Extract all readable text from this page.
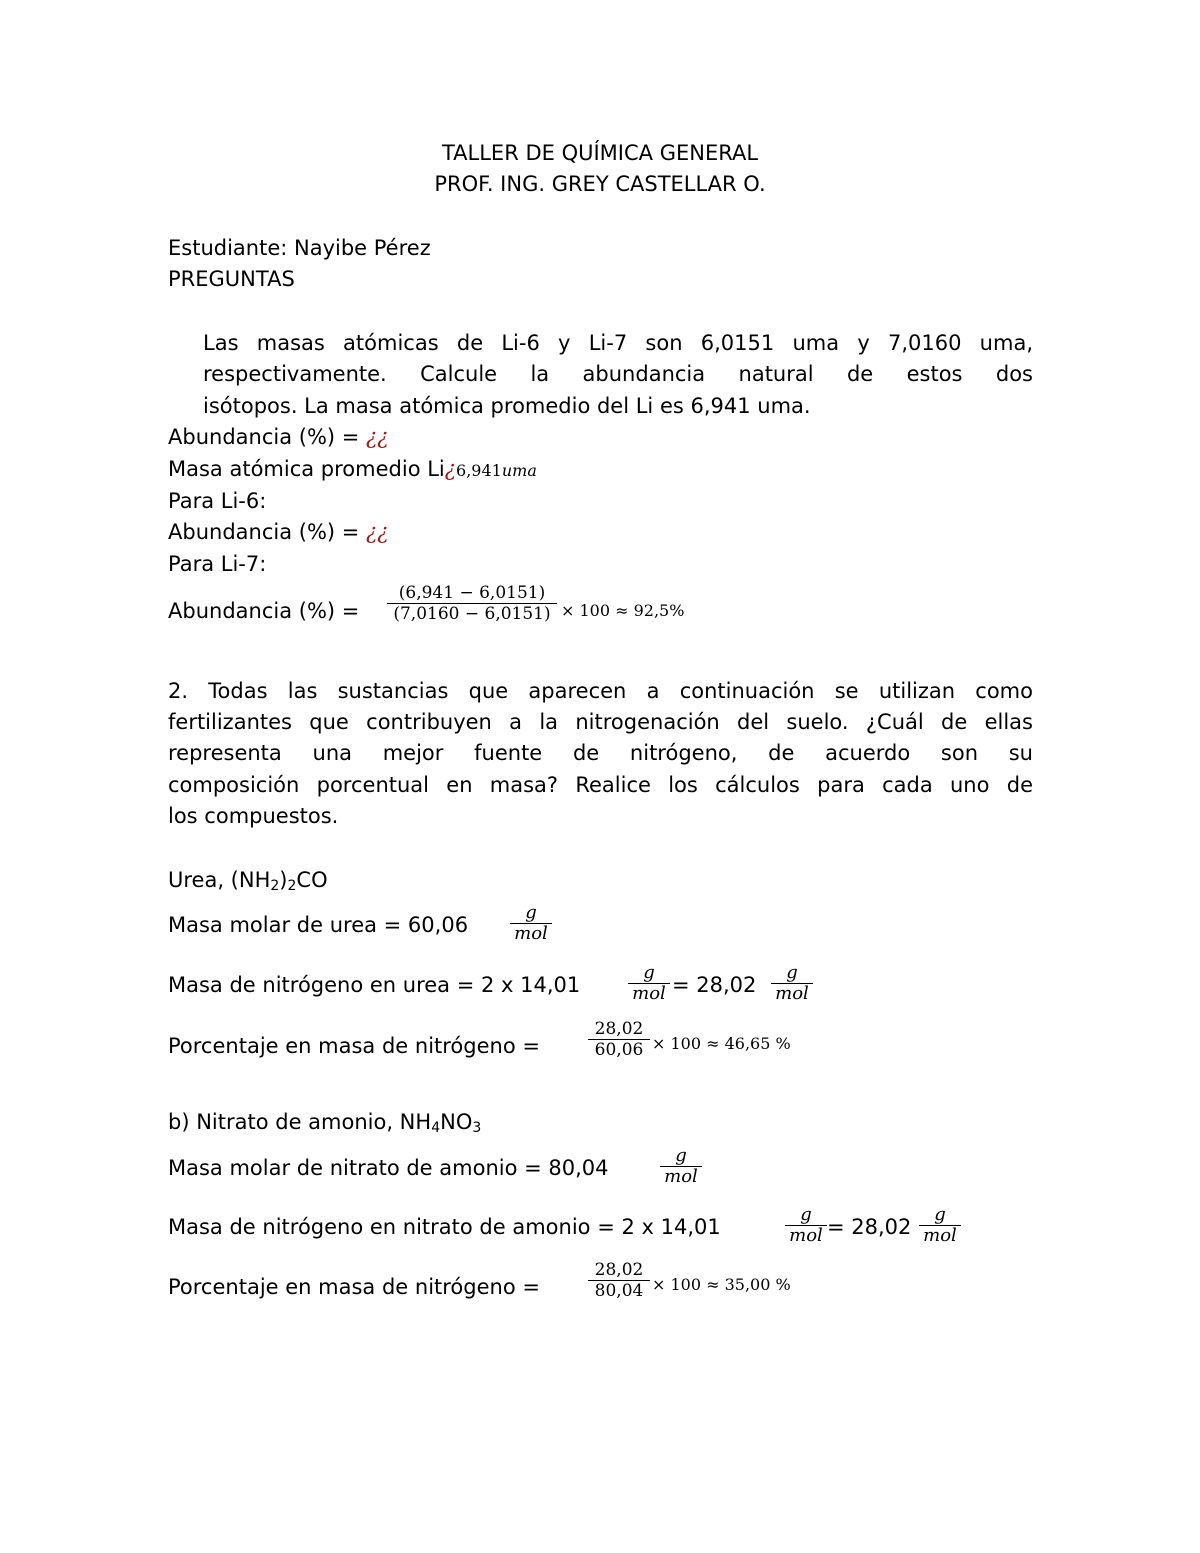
TALLER DE QUÍMICA GENERAL
PROF. ING. GREY CASTELLAR O.
Estudiante: Nayibe Pérez
PREGUNTAS
Las masas atómicas de Li-6 y Li-7 son 6,0151 uma y 7,0160 uma,
respectivamente. Calcule la abundancia natural de estos dos
isótopos. La masa atómica promedio del Li es 6,941 uma.
Abundancia (%) = ¿¿
Masa atómica promedio Li¿6,941uma
Para Li-6:
Abundancia (%) = ¿¿
Para Li-7:
Abundancia (%) = $\frac{(6,941 - 6,0151)}{(7,0160 - 6,0151)} \times 100 \approx 92,5\%$
2. Todas las sustancias que aparecen a continuación se utilizan como
fertilizantes que contribuyen a la nitrogenación del suelo. ¿Cuál de ellas
representa una mejor fuente de nitrógeno, de acuerdo son su
composición porcentual en masa? Realice los cálculos para cada uno de
los compuestos.
Urea, $(NH_2)_2CO$
Masa molar de urea = 60,06
g
mol
Masa de nitrógeno en urea = 2 x 14,01
g
mol = 28,02
g
mol
Porcentaje en masa de nitrógeno =	$\frac{28,02}{60,06} \times 100 \approx 46,65$ %
b) Nitrato de amonio, $NH_4NO_3$
Masa molar de nitrato de amonio = 80,04
g
mol
Masa de nitrógeno en nitrato de amonio = 2 x 14,01
g
mol = 28,02
g
mol
Porcentaje en masa de nitrógeno =	$\frac{28,02}{80,04} \times 100 \approx 35,00$ %
